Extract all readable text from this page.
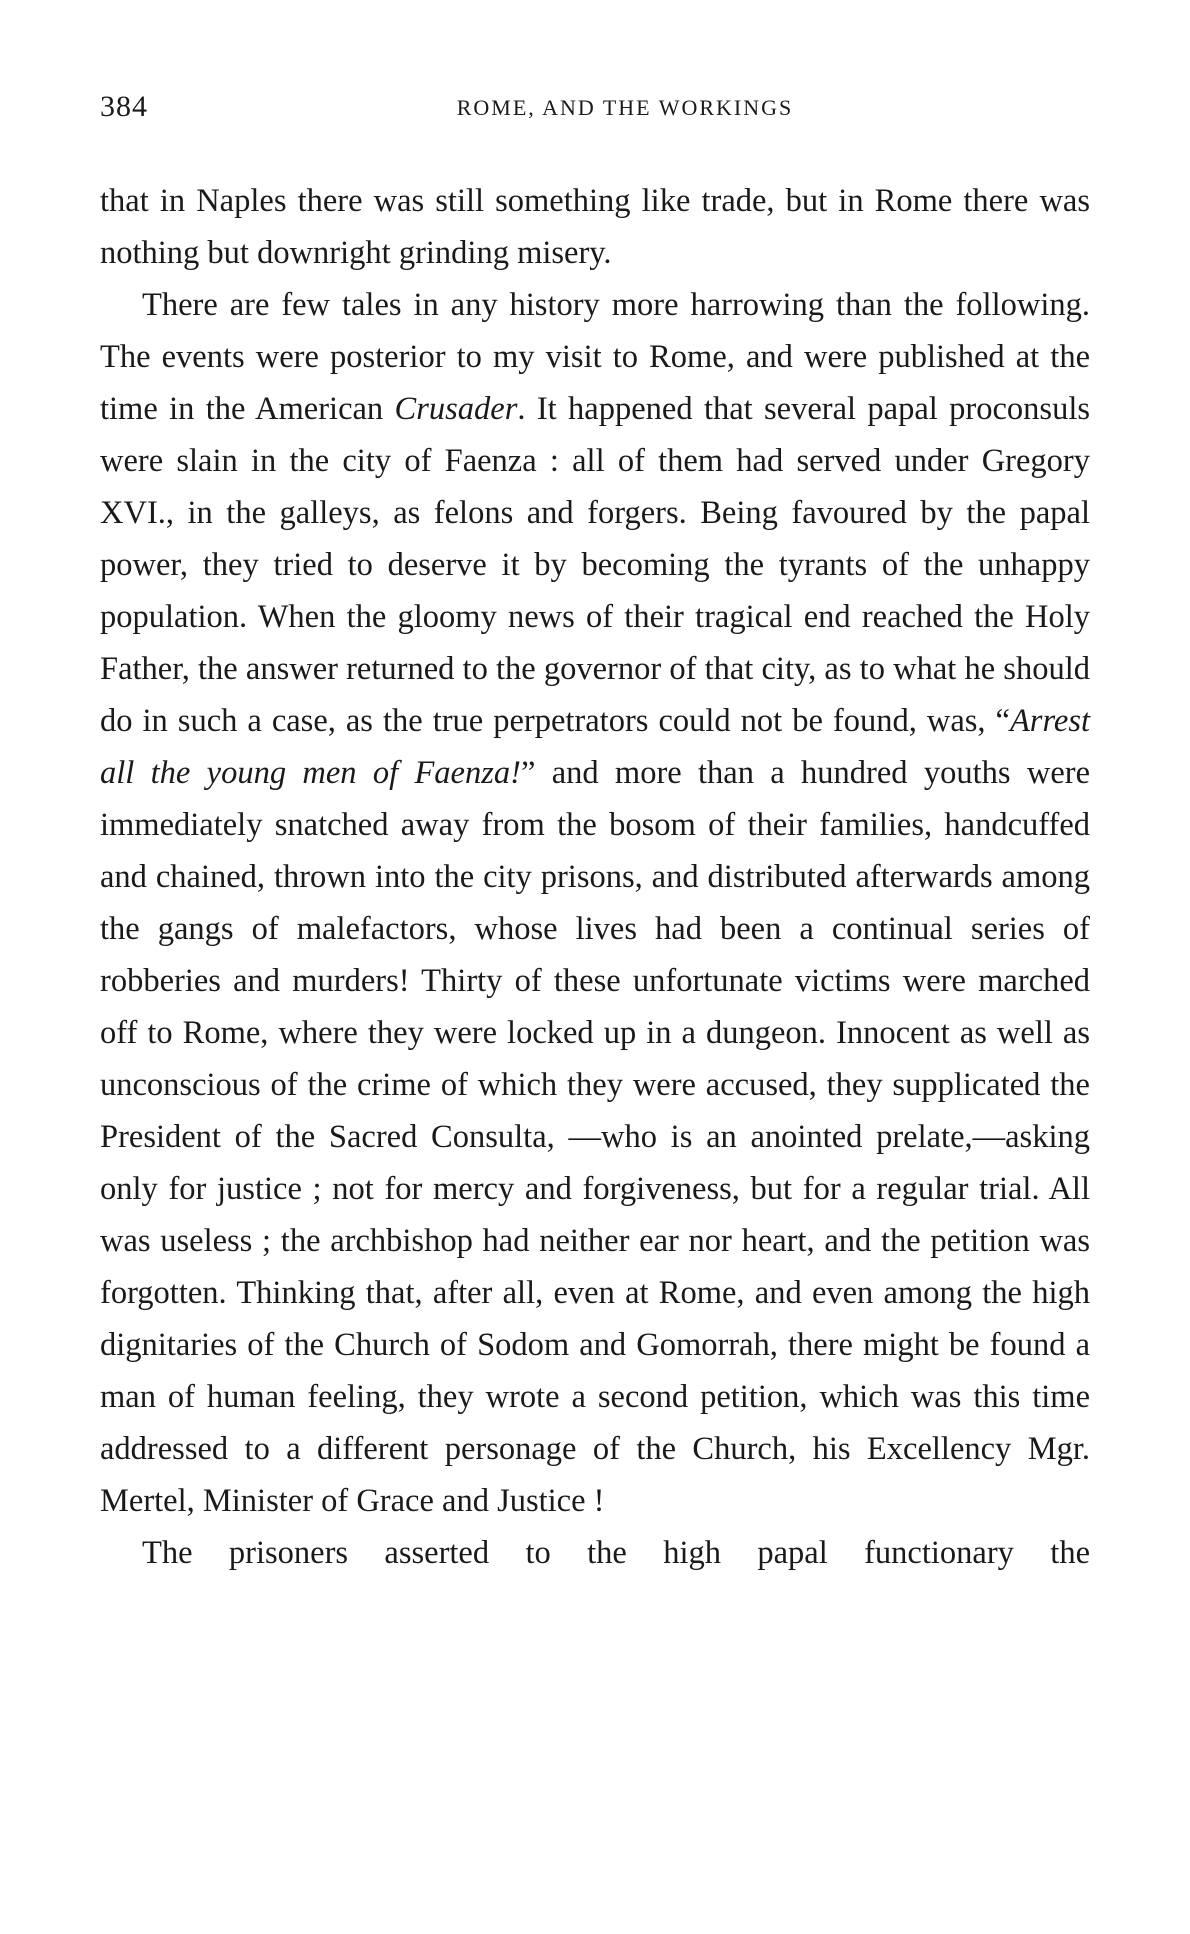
384	ROME, AND THE WORKINGS

that in Naples there was still something like trade, but in Rome there was nothing but downright grinding misery.

There are few tales in any history more harrowing than the following. The events were posterior to my visit to Rome, and were published at the time in the American Crusader. It happened that several papal proconsuls were slain in the city of Faenza : all of them had served under Gregory XVI., in the galleys, as felons and forgers. Being favoured by the papal power, they tried to deserve it by becoming the tyrants of the unhappy population. When the gloomy news of their tragical end reached the Holy Father, the answer returned to the governor of that city, as to what he should do in such a case, as the true perpetrators could not be found, was, “Arrest all the young men of Faenza!” and more than a hundred youths were immediately snatched away from the bosom of their families, handcuffed and chained, thrown into the city prisons, and distributed afterwards among the gangs of malefactors, whose lives had been a continual series of robberies and murders! Thirty of these unfortunate victims were marched off to Rome, where they were locked up in a dungeon. Innocent as well as unconscious of the crime of which they were accused, they supplicated the President of the Sacred Consulta, —who is an anointed prelate,—asking only for justice ; not for mercy and forgiveness, but for a regular trial. All was useless ; the archbishop had neither ear nor heart, and the petition was forgotten. Thinking that, after all, even at Rome, and even among the high dignitaries of the Church of Sodom and Gomorrah, there might be found a man of human feeling, they wrote a second petition, which was this time addressed to a different personage of the Church, his Excellency Mgr. Mertel, Minister of Grace and Justice !

The prisoners asserted to the high papal functionary the
